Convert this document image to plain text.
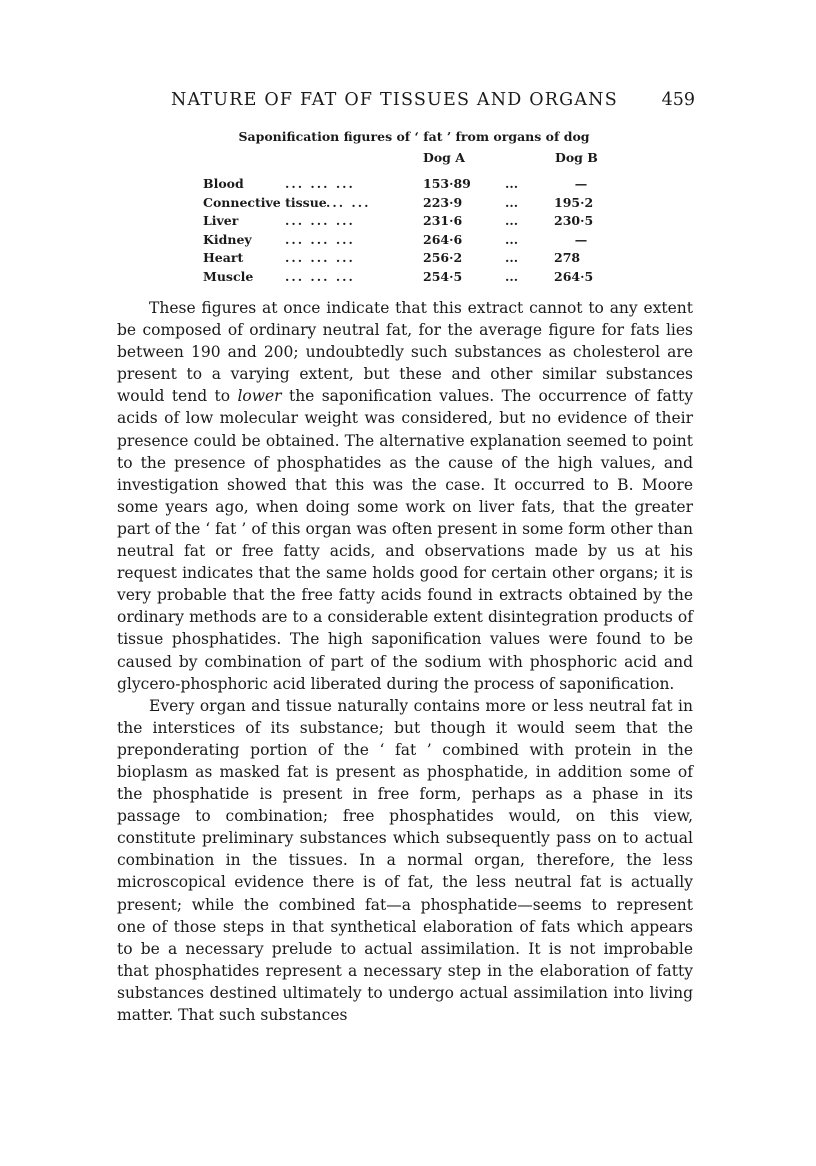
NATURE OF FAT OF TISSUES AND ORGANS 459
Saponification figures of ‘ fat ’ from organs of dog
Dog A	Dog B
Blood	... ... ...	153·89	...	—
Connective tissue ... ...	223·9	...	195·2
Liver	... ... ...	231·6	...	230·5
Kidney	... ... ...	264·6	...	—
Heart	... ... ...	256·2	...	278
Muscle	... ... ...	254·5	...	264·5

These figures at once indicate that this extract cannot to any extent be composed of ordinary neutral fat, for the average figure for fats lies between 190 and 200; undoubtedly such substances as cholesterol are present to a varying extent, but these and other similar substances would tend to lower the saponification values. The occurrence of fatty acids of low molecular weight was considered, but no evidence of their presence could be obtained. The alternative explanation seemed to point to the presence of phosphatides as the cause of the high values, and investigation showed that this was the case. It occurred to B. Moore some years ago, when doing some work on liver fats, that the greater part of the ‘ fat ’ of this organ was often present in some form other than neutral fat or free fatty acids, and observations made by us at his request indicates that the same holds good for certain other organs; it is very probable that the free fatty acids found in extracts obtained by the ordinary methods are to a considerable extent disintegration products of tissue phosphatides. The high saponification values were found to be caused by combination of part of the sodium with phosphoric acid and glycero-phosphoric acid liberated during the process of saponification.

Every organ and tissue naturally contains more or less neutral fat in the interstices of its substance; but though it would seem that the preponderating portion of the ‘ fat ’ combined with protein in the bioplasm as masked fat is present as phosphatide, in addition some of the phosphatide is present in free form, perhaps as a phase in its passage to combination; free phosphatides would, on this view, constitute preliminary substances which subsequently pass on to actual combination in the tissues. In a normal organ, therefore, the less microscopical evidence there is of fat, the less neutral fat is actually present; while the combined fat—a phosphatide—seems to represent one of those steps in that synthetical elaboration of fats which appears to be a necessary prelude to actual assimilation. It is not improbable that phosphatides represent a necessary step in the elaboration of fatty substances destined ultimately to undergo actual assimilation into living matter. That such substances
